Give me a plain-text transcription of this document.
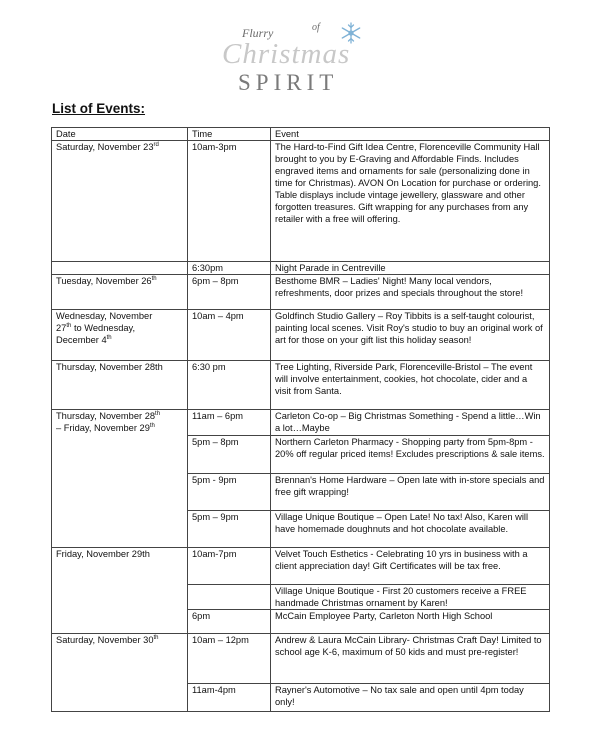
Flurry	of
Christmas
SPIRIT
List of Events:
Date	Time	Event
Saturday, November 23rd	10am-3pm	The Hard-to-Find Gift Idea Centre, Florenceville Community Hall brought to you by E-Graving and Affordable Finds. Includes engraved items and ornaments for sale (personalizing done in time for Christmas). AVON On Location for purchase or ordering. Table displays include vintage jewellery, glassware and other forgotten treasures. Gift wrapping for any purchases from any retailer with a free will offering.
	6:30pm	Night Parade in Centreville
Tuesday, November 26th	6pm – 8pm	Besthome BMR – Ladies' Night! Many local vendors, refreshments, door prizes and specials throughout the store!
Wednesday, November
27th to Wednesday,
December 4th	10am – 4pm	Goldfinch Studio Gallery – Roy Tibbits is a self-taught colourist, painting local scenes. Visit Roy's studio to buy an original work of art for those on your gift list this holiday season!
Thursday, November 28th	6:30 pm	Tree Lighting, Riverside Park, Florenceville-Bristol – The event will involve entertainment, cookies, hot chocolate, cider and a visit from Santa.
Thursday, November 28th
– Friday, November 29th	11am – 6pm	Carleton Co-op – Big Christmas Something - Spend a little…Win a lot…Maybe
	5pm – 8pm	Northern Carleton Pharmacy - Shopping party from 5pm-8pm - 20% off regular priced items! Excludes prescriptions & sale items.
	5pm - 9pm	Brennan's Home Hardware – Open late with in-store specials and free gift wrapping!
	5pm – 9pm	Village Unique Boutique – Open Late! No tax! Also, Karen will have homemade doughnuts and hot chocolate available.
Friday, November 29th	10am-7pm	Velvet Touch Esthetics - Celebrating 10 yrs in business with a client appreciation day! Gift Certificates will be tax free.
		Village Unique Boutique - First 20 customers receive a FREE handmade Christmas ornament by Karen!
	6pm	McCain Employee Party, Carleton North High School
Saturday, November 30th	10am – 12pm	Andrew & Laura McCain Library- Christmas Craft Day! Limited to school age K-6, maximum of 50 kids and must pre-register!
	11am-4pm	Rayner's Automotive – No tax sale and open until 4pm today only!
